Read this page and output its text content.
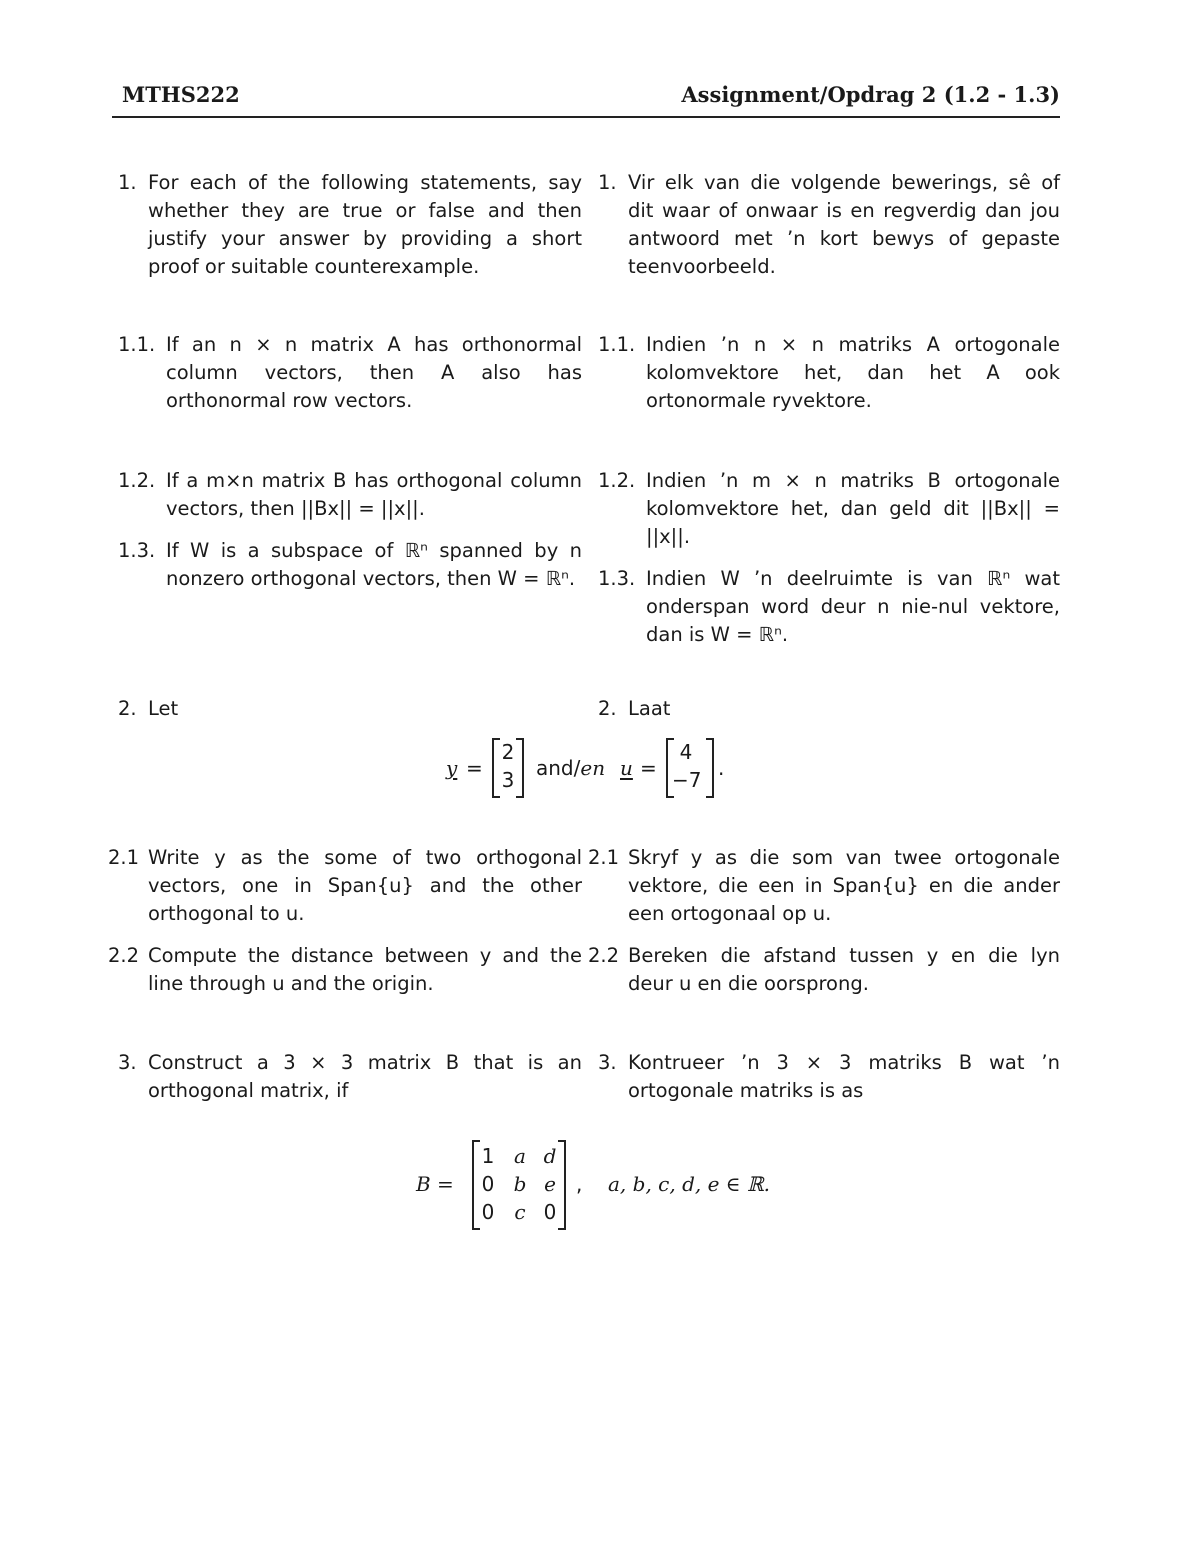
MTHS222	Assignment/Opdrag 2 (1.2 - 1.3)
1. For each of the following statements, say whether they are true or false and then justify your answer by providing a short proof or suitable counterexample.
1. Vir elk van die volgende bewerings, sê of dit waar of onwaar is en regverdig dan jou antwoord met ’n kort bewys of gepaste teenvoorbeeld.
1.1. If an n × n matrix A has orthonormal column vectors, then A also has orthonormal row vectors.
1.1. Indien ’n n × n matriks A ortogonale kolomvektore het, dan het A ook ortonormale ryvektore.
1.2. If a m×n matrix B has orthogonal column vectors, then ||Bx|| = ||x||.
1.2. Indien ’n m × n matriks B ortogonale kolomvektore het, dan geld dit ||Bx|| = ||x||.
1.3. If W is a subspace of ℝⁿ spanned by n nonzero orthogonal vectors, then W = ℝⁿ.	1.3. Indien W ’n deelruimte is van ℝⁿ wat onderspan word deur n nie-nul vektore, dan is W = ℝⁿ.
2. Let	2. Laat
y =
2
3	and/en u =
4
−7 .
2.1 Write y as the some of two orthogonal vectors, one in Span{u} and the other orthogonal to u.
2.1 Skryf y as die som van twee ortogonale vektore, die een in Span{u} en die ander een ortogonaal op u.
2.2 Compute the distance between y and the line through u and the origin.
2.2 Bereken die afstand tussen y en die lyn deur u en die oorsprong.
3. Construct a 3 × 3 matrix B that is an orthogonal matrix, if
3. Kontrueer ’n 3 × 3 matriks B wat ’n ortogonale matriks is as
B =
1 a d
0 b e
0	c 0
, a, b, c, d, e ∈ ℝ.
